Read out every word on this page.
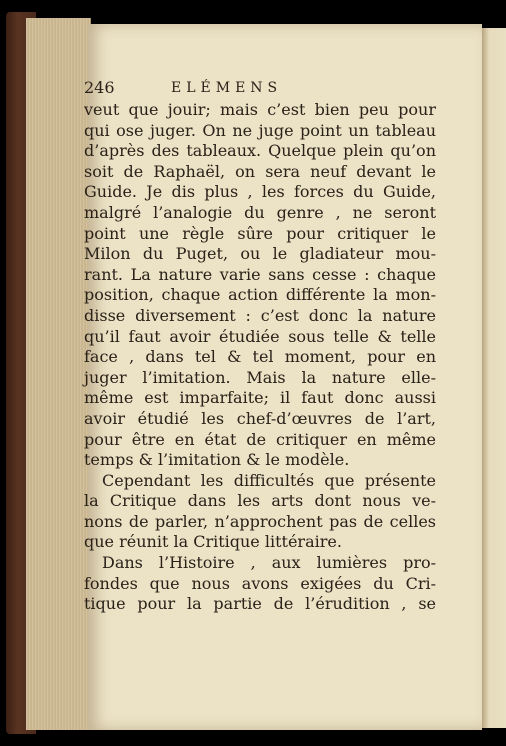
246	ELÉMENS
veut que jouir; mais c’est bien peu pour
qui ose juger. On ne juge point un tableau
d’après des tableaux. Quelque plein qu’on
soit de Raphaël, on sera neuf devant le
Guide. Je dis plus , les forces du Guide,
malgré l’analogie du genre , ne seront
point une règle sûre pour critiquer le
Milon du Puget, ou le gladiateur mou-
rant. La nature varie sans cesse : chaque
position, chaque action différente la mon-
disse diversement : c’est donc la nature
qu’il faut avoir étudiée sous telle & telle
face , dans tel & tel moment, pour en
juger l’imitation. Mais la nature elle-
même est imparfaite; il faut donc aussi
avoir étudié les chef-d’œuvres de l’art,
pour être en état de critiquer en même
temps & l’imitation & le modèle.
Cependant les difficultés que présente
la Critique dans les arts dont nous ve-
nons de parler, n’approchent pas de celles
que réunit la Critique littéraire.
Dans l’Histoire , aux lumières pro-
fondes que nous avons exigées du Cri-
tique pour la partie de l’érudition , se
